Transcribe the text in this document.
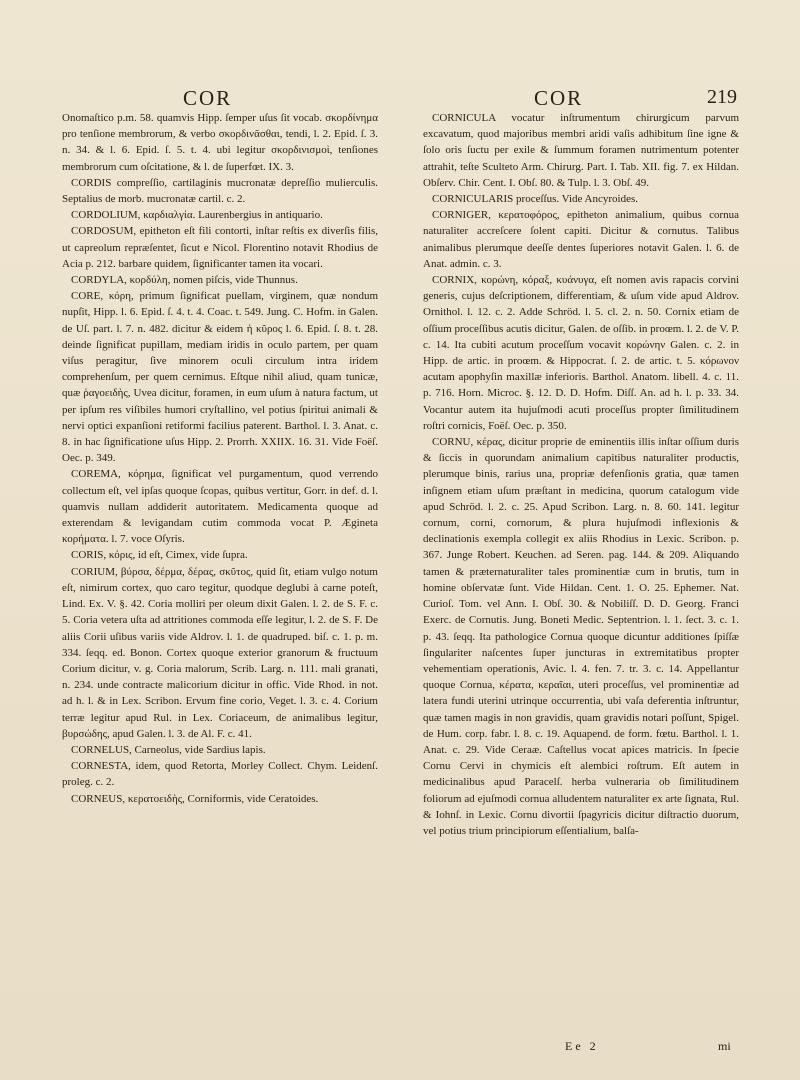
COR	COR	219

Onomaſtico p.m. 58. quamvis Hipp. ſemper uſus ſit vocab. σκορδίνημα pro tenſione membrorum, & verbo σκορδινᾶσθαι, tendi, l. 2. Epid. ſ. 3. n. 34. & l. 6. Epid. ſ. 5. t. 4. ubi legitur σκορδινισμοὶ, tenſiones membrorum cum oſcitatione, & l. de ſuperfœt. IX. 3.

CORDIS compreſſio, cartilaginis mucronatæ depreſſio mulierculis. Septalius de morb. mucronatæ cartil. c. 2.

CORDOLIUM, καρδιαλγία. Laurenbergius in antiquario.

CORDOSUM, epitheton eſt fili contorti, inſtar reſtis ex diverſis filis, ut capreolum repræſentet, ſicut e Nicol. Florentino notavit Rhodius de Acia p. 212. barbare quidem, ſignificanter tamen ita vocari.

CORDYLA, κορδύλη, nomen piſcis, vide Thunnus.

CORE, κόρη, primum ſignificat puellam, virginem, quæ nondum nupſit, Hipp. l. 6. Epid. ſ. 4. t. 4. Coac. t. 549. Jung. C. Hofm. in Galen. de Uſ. part. l. 7. n. 482. dicitur & eidem ἡ κῦρος l. 6. Epid. ſ. 8. t. 28. deinde ſignificat pupillam, mediam iridis in oculo partem, per quam viſus peragitur, ſive minorem oculi circulum intra iridem comprehenſum, per quem cernimus. Eſtque nihil aliud, quam tunicæ, quæ ῥαγοειδὴς, Uvea dicitur, foramen, in eum uſum à natura factum, ut per ipſum res viſibiles humori cryſtallino, vel potius ſpiritui animali & nervi optici expanſioni retiformi facilius paterent. Barthol. l. 3. Anat. c. 8. in hac ſignificatione uſus Hipp. 2. Prorrh. XXIIX. 16. 31. Vide Foëſ. Oec. p. 349.

COREMA, κόρημα, ſignificat vel purgamentum, quod verrendo collectum eſt, vel ipſas quoque ſcopas, quibus vertitur, Gorr. in def. d. l. quamvis nullam addiderit autoritatem. Medicamenta quoque ad exterendam & levigandam cutim commoda vocat P. Ægineta κορήματα. l. 7. voce Oſyris.

CORIS, κόρις, id eſt, Cimex, vide ſupra.

CORIUM, βύρσα, δέρμα, δέρας, σκῦτος, quid ſit, etiam vulgo notum eſt, nimirum cortex, quo caro tegitur, quodque deglubi à carne poteſt, Lind. Ex. V. §. 42. Coria molliri per oleum dixit Galen. l. 2. de S. F. c. 5. Coria vetera uſta ad attritiones commoda eſſe legitur, l. 2. de S. F. De aliis Corii uſibus variis vide Aldrov. l. 1. de quadruped. biſ. c. 1. p. m. 334. ſeqq. ed. Bonon. Cortex quoque exterior granorum & fructuum Corium dicitur, v. g. Coria malorum, Scrib. Larg. n. 111. mali granati, n. 234. unde contracte malicorium dicitur in offic. Vide Rhod. in not. ad h. l. & in Lex. Scribon. Ervum fine corio, Veget. l. 3. c. 4. Corium terræ legitur apud Rul. in Lex. Coriaceum, de animalibus legitur, βυρσώδης, apud Galen. l. 3. de Al. F. c. 41.

CORNELUS, Carneolus, vide Sardius lapis.

CORNESTA, idem, quod Retorta, Morley Collect. Chym. Leidenſ. proleg. c. 2.

CORNEUS, κερατοειδὴς, Corniformis, vide Ceratoides.

CORNICULA vocatur inſtrumentum chirurgicum parvum excavatum, quod majoribus membri aridi vaſis adhibitum ſine igne & ſolo oris ſuctu per exile & ſummum foramen nutrimentum potenter attrahit, teſte Sculteto Arm. Chirurg. Part. I. Tab. XII. fig. 7. ex Hildan. Obſerv. Chir. Cent. I. Obſ. 80. & Tulp. l. 3. Obſ. 49.

CORNICULARIS proceſſus. Vide Ancyroides.

CORNIGER, κερατοφόρος, epitheton animalium, quibus cornua naturaliter accreſcere ſolent capiti. Dicitur & cornutus. Talibus animalibus plerumque deeſſe dentes ſuperiores notavit Galen. l. 6. de Anat. admin. c. 3.

CORNIX, κορώνη, κόραξ, κυάνυγα, eſt nomen avis rapacis corvini generis, cujus deſcriptionem, differentiam, & uſum vide apud Aldrov. Ornithol. l. 12. c. 2. Adde Schröd. l. 5. cl. 2. n. 50. Cornix etiam de oſſium proceſſibus acutis dicitur, Galen. de oſſib. in proœm. l. 2. de V. P. c. 14. Ita cubiti acutum proceſſum vocavit κορώνην Galen. c. 2. in Hipp. de artic. in proœm. & Hippocrat. ſ. 2. de artic. t. 5. κόρωνον acutam apophyſin maxillæ inferioris. Barthol. Anatom. libell. 4. c. 11. p. 716. Horn. Microc. §. 12. D. D. Hofm. Diſſ. An. ad h. l. p. 33. 34. Vocantur autem ita hujuſmodi acuti proceſſus propter ſimilitudinem roſtri cornicis, Foëſ. Oec. p. 350.

CORNU, κέρας, dicitur proprie de eminentiis illis inſtar oſſium duris & ſiccis in quorundam animalium capitibus naturaliter productis, plerumque binis, rarius una, propriæ defenſionis gratia, quæ tamen inſignem etiam uſum præſtant in medicina, quorum catalogum vide apud Schröd. l. 2. c. 25. Apud Scribon. Larg. n. 8. 60. 141. legitur cornum, corni, cornorum, & plura hujuſmodi inflexionis & declinationis exempla collegit ex aliis Rhodius in Lexic. Scribon. p. 367. Junge Robert. Keuchen. ad Seren. pag. 144. & 209. Aliquando tamen & præternaturaliter tales prominentiæ cum in brutis, tum in homine obſervatæ ſunt. Vide Hildan. Cent. 1. O. 25. Ephemer. Nat. Curioſ. Tom. vel Ann. I. Obſ. 30. & Nobiliſſ. D. D. Georg. Franci Exerc. de Cornutis. Jung. Boneti Medic. Septentrion. l. 1. ſect. 3. c. 1. p. 43. ſeqq. Ita pathologice Cornua quoque dicuntur additiones ſpiſſæ ſingulariter naſcentes ſuper juncturas in extremitatibus propter vehementiam operationis, Avic. l. 4. fen. 7. tr. 3. c. 14. Appellantur quoque Cornua, κέρατα, κεραῖαι, uteri proceſſus, vel prominentiæ ad latera fundi uterini utrinque occurrentia, ubi vaſa deferentia inſtruntur, quæ tamen magis in non gravidis, quam gravidis notari poſſunt, Spigel. de Hum. corp. fabr. l. 8. c. 19. Aquapend. de form. fœtu. Barthol. l. 1. Anat. c. 29. Vide Ceraæ. Caſtellus vocat apices matricis. In ſpecie Cornu Cervi in chymicis eſt alembici roſtrum. Eſt autem in medicinalibus apud Paracelſ. herba vulneraria ob ſimilitudinem foliorum ad ejuſmodi cornua alludentem naturaliter ex arte ſignata, Rul. & Iohnſ. in Lexic. Cornu divortii ſpagyricis dicitur diſtractio duorum, vel potius trium principiorum eſſentialium, balſa-

Ee 2	mi
